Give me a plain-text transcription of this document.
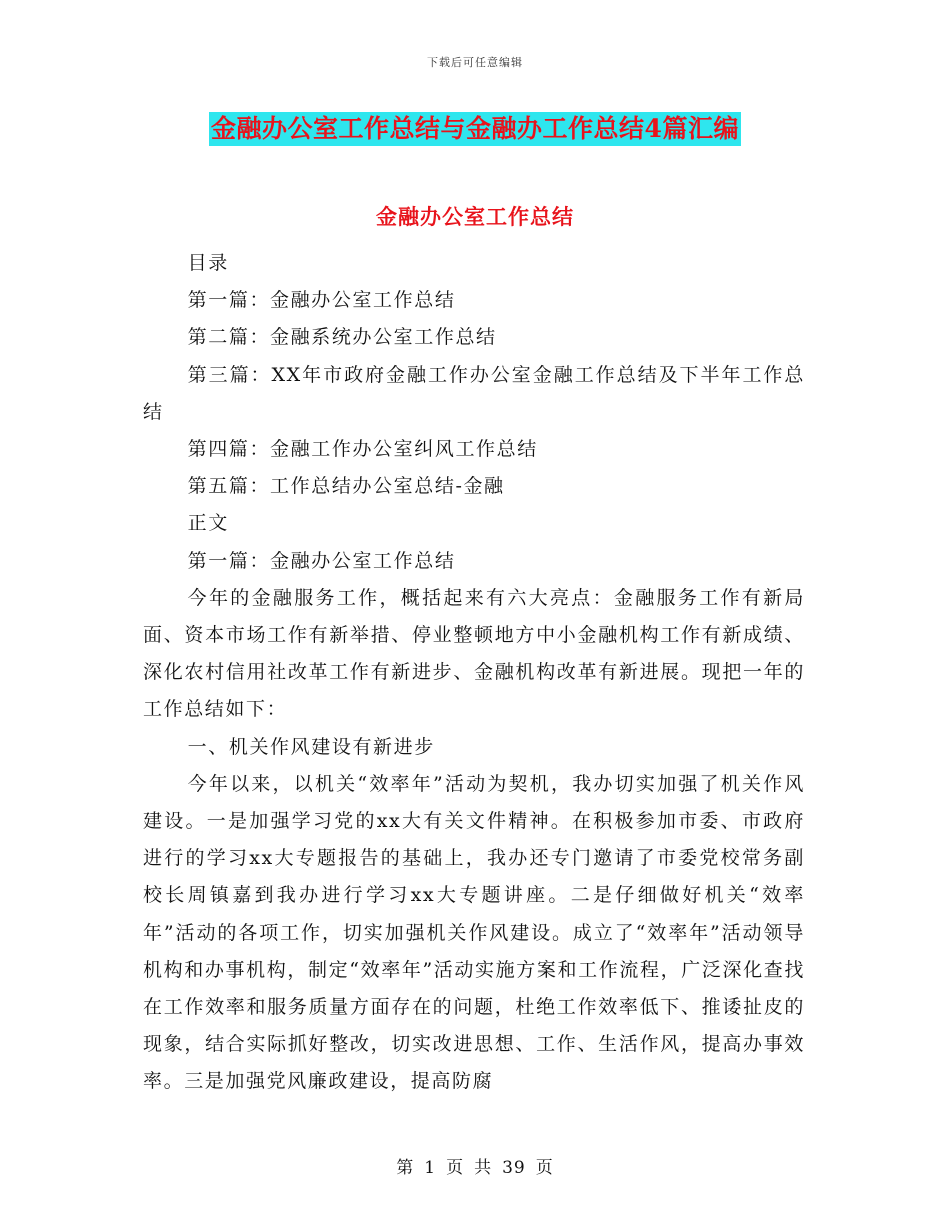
下载后可任意编辑
金融办公室工作总结与金融办工作总结4篇汇编
金融办公室工作总结

目录

第一篇：金融办公室工作总结

第二篇：金融系统办公室工作总结

第三篇：XX年市政府金融工作办公室金融工作总结及下半年工作总结

第四篇：金融工作办公室纠风工作总结

第五篇：工作总结办公室总结-金融

正文

第一篇：金融办公室工作总结

今年的金融服务工作，概括起来有六大亮点：金融服务工作有新局面、资本市场工作有新举措、停业整顿地方中小金融机构工作有新成绩、深化农村信用社改革工作有新进步、金融机构改革有新进展。现把一年的工作总结如下：

一、机关作风建设有新进步

今年以来，以机关“效率年”活动为契机，我办切实加强了机关作风建设。一是加强学习党的xx大有关文件精神。在积极参加市委、市政府进行的学习xx大专题报告的基础上，我办还专门邀请了市委党校常务副校长周镇嘉到我办进行学习xx大专题讲座。二是仔细做好机关“效率年”活动的各项工作，切实加强机关作风建设。成立了“效率年”活动领导机构和办事机构，制定“效率年”活动实施方案和工作流程，广泛深化查找在工作效率和服务质量方面存在的问题，杜绝工作效率低下、推诿扯皮的现象，结合实际抓好整改，切实改进思想、工作、生活作风，提高办事效率。三是加强党风廉政建设，提高防腐

第 1 页 共 39 页
